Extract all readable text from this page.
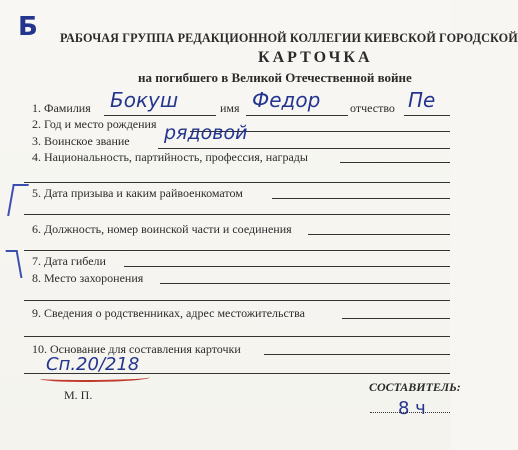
Б РАБОЧАЯ ГРУППА РЕДАКЦИОННОЙ КОЛЛЕГИИ КИЕВСКОЙ ГОРОДСКОЙ
КАРТОЧКА
на погибшего в Великой Отечественной войне
1. Фамилия Бокуш	имя Федор отчество Пе
2. Год и место рождения
3. Воинское звание рядовой
4. Национальность, партийность, профессия, награды
5. Дата призыва и каким райвоенкоматом
6. Должность, номер воинской части и соединения
7. Дата гибели
8. Место захоронения
9. Сведения о родственниках, адрес местожительства
10. Основание для составления карточки
Сп.20/218
СОСТАВИТЕЛЬ:
М. П.
8 ч
